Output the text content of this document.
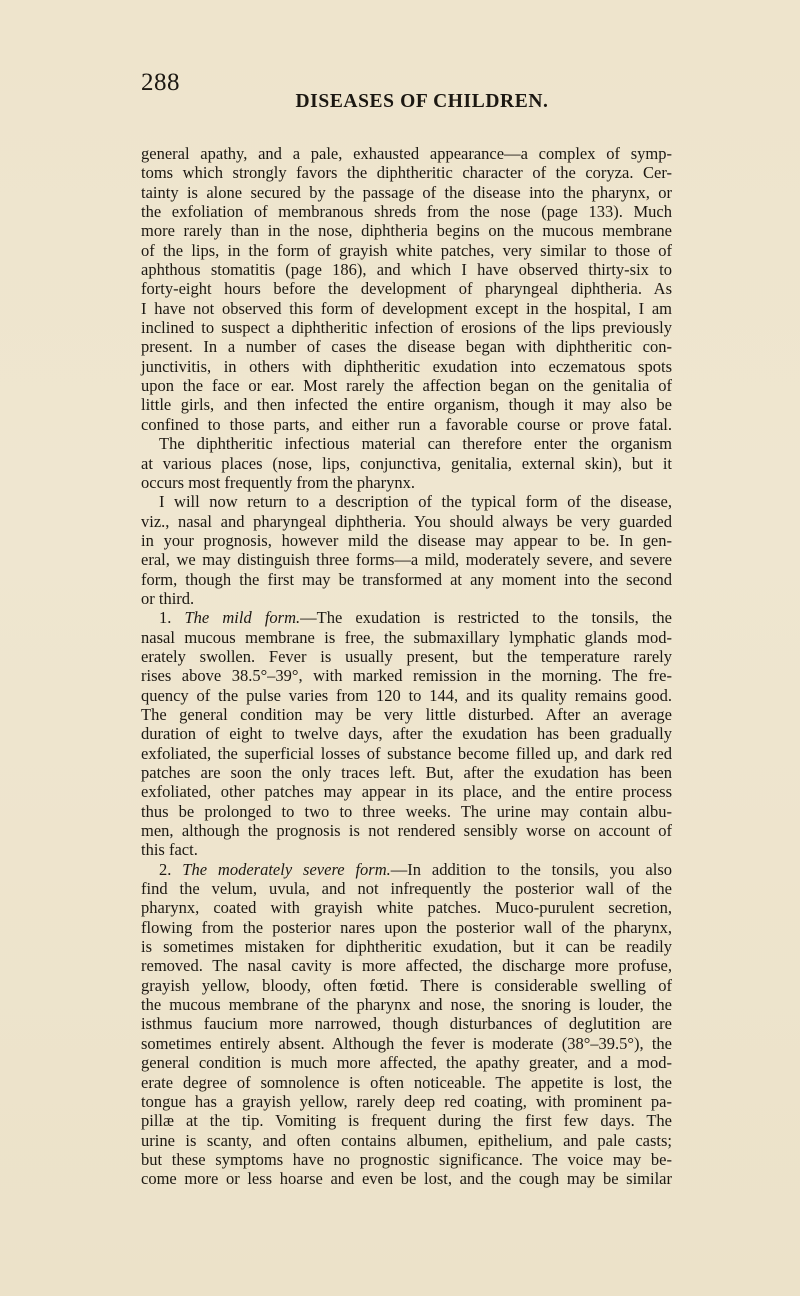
288
DISEASES OF CHILDREN.
general apathy, and a pale, exhausted appearance—a complex of symp-
toms which strongly favors the diphtheritic character of the coryza. Cer-
tainty is alone secured by the passage of the disease into the pharynx, or
the exfoliation of membranous shreds from the nose (page 133). Much
more rarely than in the nose, diphtheria begins on the mucous membrane
of the lips, in the form of grayish white patches, very similar to those of
aphthous stomatitis (page 186), and which I have observed thirty-six to
forty-eight hours before the development of pharyngeal diphtheria. As
I have not observed this form of development except in the hospital, I am
inclined to suspect a diphtheritic infection of erosions of the lips previously
present. In a number of cases the disease began with diphtheritic con-
junctivitis, in others with diphtheritic exudation into eczematous spots
upon the face or ear. Most rarely the affection began on the genitalia of
little girls, and then infected the entire organism, though it may also be
confined to those parts, and either run a favorable course or prove fatal.
The diphtheritic infectious material can therefore enter the organism
at various places (nose, lips, conjunctiva, genitalia, external skin), but it
occurs most frequently from the pharynx.
I will now return to a description of the typical form of the disease,
viz., nasal and pharyngeal diphtheria. You should always be very guarded
in your prognosis, however mild the disease may appear to be. In gen-
eral, we may distinguish three forms—a mild, moderately severe, and severe
form, though the first may be transformed at any moment into the second
or third.
1. The mild form.—The exudation is restricted to the tonsils, the
nasal mucous membrane is free, the submaxillary lymphatic glands mod-
erately swollen. Fever is usually present, but the temperature rarely
rises above 38.5°–39°, with marked remission in the morning. The fre-
quency of the pulse varies from 120 to 144, and its quality remains good.
The general condition may be very little disturbed. After an average
duration of eight to twelve days, after the exudation has been gradually
exfoliated, the superficial losses of substance become filled up, and dark red
patches are soon the only traces left. But, after the exudation has been
exfoliated, other patches may appear in its place, and the entire process
thus be prolonged to two to three weeks. The urine may contain albu-
men, although the prognosis is not rendered sensibly worse on account of
this fact.
2. The moderately severe form.—In addition to the tonsils, you also
find the velum, uvula, and not infrequently the posterior wall of the
pharynx, coated with grayish white patches. Muco-purulent secretion,
flowing from the posterior nares upon the posterior wall of the pharynx,
is sometimes mistaken for diphtheritic exudation, but it can be readily
removed. The nasal cavity is more affected, the discharge more profuse,
grayish yellow, bloody, often fœtid. There is considerable swelling of
the mucous membrane of the pharynx and nose, the snoring is louder, the
isthmus faucium more narrowed, though disturbances of deglutition are
sometimes entirely absent. Although the fever is moderate (38°–39.5°), the
general condition is much more affected, the apathy greater, and a mod-
erate degree of somnolence is often noticeable. The appetite is lost, the
tongue has a grayish yellow, rarely deep red coating, with prominent pa-
pillæ at the tip. Vomiting is frequent during the first few days. The
urine is scanty, and often contains albumen, epithelium, and pale casts;
but these symptoms have no prognostic significance. The voice may be-
come more or less hoarse and even be lost, and the cough may be similar
